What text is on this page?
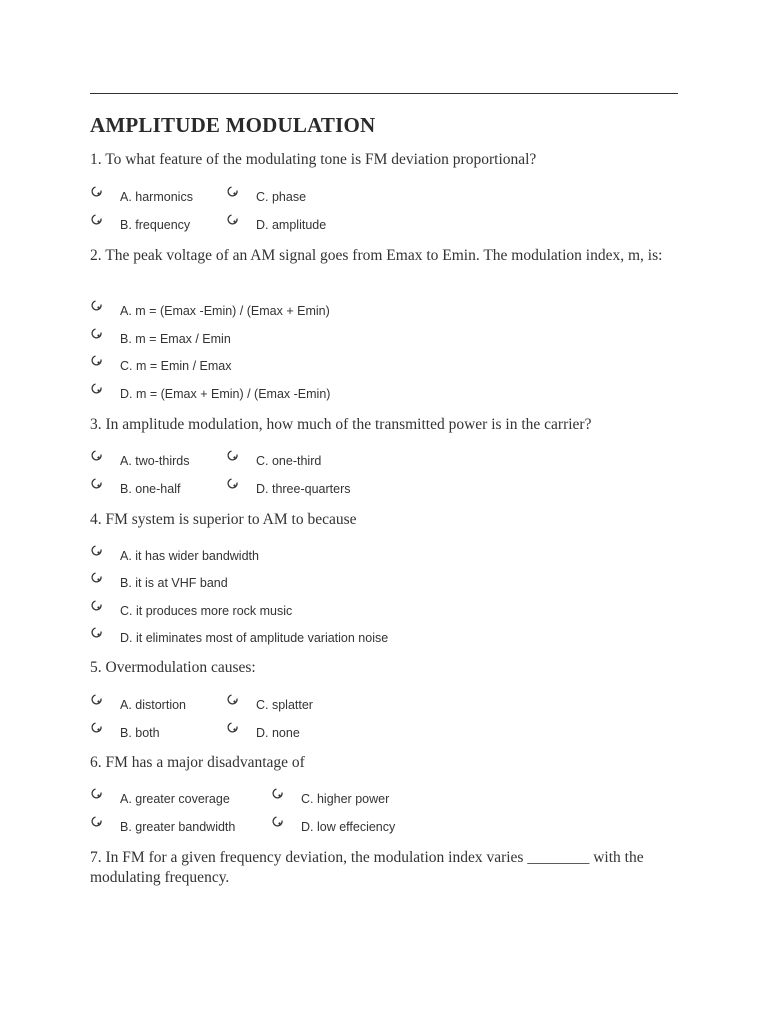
AMPLITUDE MODULATION
1. To what feature of the modulating tone is FM deviation proportional?
A. harmonics
B. frequency
C. phase
D. amplitude
2. The peak voltage of an AM signal goes from Emax to Emin. The modulation index, m, is:
A. m = (Emax -Emin) / (Emax + Emin)
B. m = Emax / Emin
C. m = Emin / Emax
D. m = (Emax + Emin) / (Emax -Emin)
3. In amplitude modulation, how much of the transmitted power is in the carrier?
A. two-thirds
B. one-half
C. one-third
D. three-quarters
4. FM system is superior to AM to because
A. it has wider bandwidth
B. it is at VHF band
C. it produces more rock music
D. it eliminates most of amplitude variation noise
5. Overmodulation causes:
A. distortion
B. both
C. splatter
D. none
6. FM has a major disadvantage of
A. greater coverage
B. greater bandwidth
C. higher power
D. low effeciency
7. In FM for a given frequency deviation, the modulation index varies ________ with the modulating frequency.
